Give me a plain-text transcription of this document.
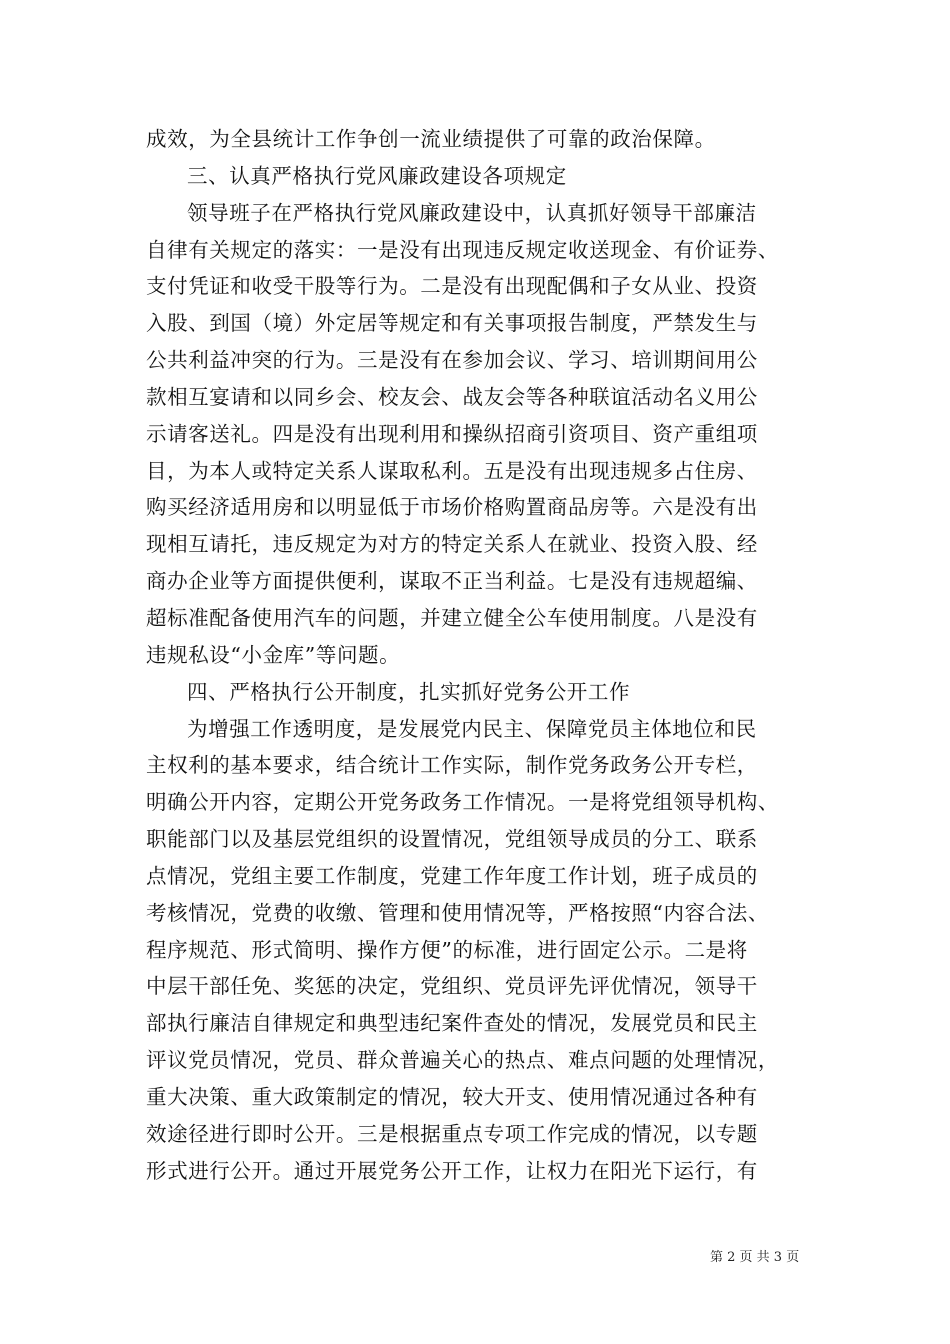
成效，为全县统计工作争创一流业绩提供了可靠的政治保障。
三、认真严格执行党风廉政建设各项规定
领导班子在严格执行党风廉政建设中，认真抓好领导干部廉洁
自律有关规定的落实：一是没有出现违反规定收送现金、有价证券、
支付凭证和收受干股等行为。二是没有出现配偶和子女从业、投资
入股、到国（境）外定居等规定和有关事项报告制度，严禁发生与
公共利益冲突的行为。三是没有在参加会议、学习、培训期间用公
款相互宴请和以同乡会、校友会、战友会等各种联谊活动名义用公
示请客送礼。四是没有出现利用和操纵招商引资项目、资产重组项
目，为本人或特定关系人谋取私利。五是没有出现违规多占住房、
购买经济适用房和以明显低于市场价格购置商品房等。六是没有出
现相互请托，违反规定为对方的特定关系人在就业、投资入股、经
商办企业等方面提供便利，谋取不正当利益。七是没有违规超编、
超标准配备使用汽车的问题，并建立健全公车使用制度。八是没有
违规私设“小金库”等问题。
四、严格执行公开制度，扎实抓好党务公开工作
为增强工作透明度，是发展党内民主、保障党员主体地位和民
主权利的基本要求，结合统计工作实际，制作党务政务公开专栏，
明确公开内容，定期公开党务政务工作情况。一是将党组领导机构、
职能部门以及基层党组织的设置情况，党组领导成员的分工、联系
点情况，党组主要工作制度，党建工作年度工作计划，班子成员的
考核情况，党费的收缴、管理和使用情况等，严格按照“内容合法、
程序规范、形式简明、操作方便”的标准，进行固定公示。二是将
中层干部任免、奖惩的决定，党组织、党员评先评优情况，领导干
部执行廉洁自律规定和典型违纪案件查处的情况，发展党员和民主
评议党员情况，党员、群众普遍关心的热点、难点问题的处理情况，
重大决策、重大政策制定的情况，较大开支、使用情况通过各种有
效途径进行即时公开。三是根据重点专项工作完成的情况，以专题
形式进行公开。通过开展党务公开工作，让权力在阳光下运行，有
第 2 页 共 3 页
